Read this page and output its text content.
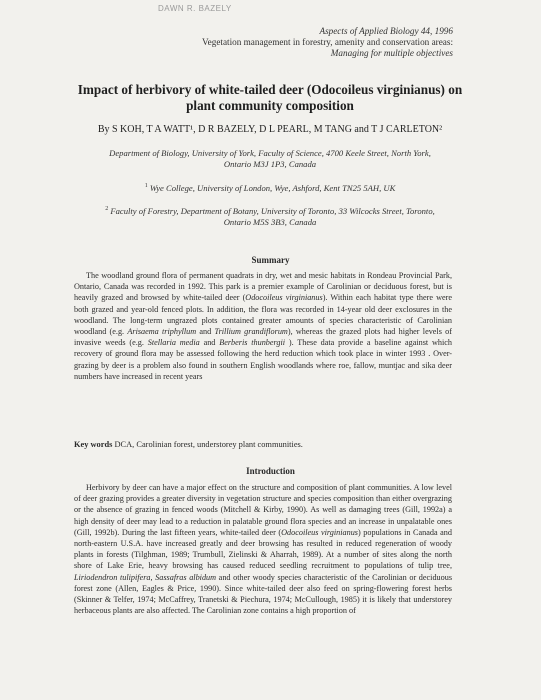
DAWN R. BAZELY
Aspects of Applied Biology 44, 1996
Vegetation management in forestry, amenity and conservation areas:
Managing for multiple objectives
Impact of herbivory of white-tailed deer (Odocoileus virginianus) on
plant community composition
By S KOH, T A WATT¹, D R BAZELY, D L PEARL, M TANG and T J CARLETON²
Department of Biology, University of York, Faculty of Science, 4700 Keele Street, North York,
Ontario M3J 1P3, Canada
$^1$ Wye College, University of London, Wye, Ashford, Kent TN25 5AH, UK
$^2$ Faculty of Forestry, Department of Botany, University of Toronto, 33 Wilcocks Street, Toronto,
Ontario M5S 3B3, Canada
Summary
The woodland ground flora of permanent quadrats in dry, wet and mesic habitats in Rondeau Provincial Park, Ontario, Canada was recorded in 1992. This park is a premier example of Carolinian or deciduous forest, but is heavily grazed and browsed by white-tailed deer (Odocoileus virginianus). Within each habitat type there were both grazed and year-old fenced plots. In addition, the flora was recorded in 14-year old deer exclosures in the woodland. The long-term ungrazed plots contained greater amounts of species characteristic of Carolinian woodland (e.g. Arisaema triphyllum and Trillium grandiflorum), whereas the grazed plots had higher levels of invasive weeds (e.g. Stellaria media and Berberis thunbergii ). These data provide a baseline against which recovery of ground flora may be assessed following the herd reduction which took place in winter 1993 . Over-grazing by deer is a problem also found in southern English woodlands where roe, fallow, muntjac and sika deer numbers have increased in recent years
Key words DCA, Carolinian forest, understorey plant communities.
Introduction
Herbivory by deer can have a major effect on the structure and composition of plant communities. A low level of deer grazing provides a greater diversity in vegetation structure and species composition than either overgrazing or the absence of grazing in fenced woods (Mitchell & Kirby, 1990). As well as damaging trees (Gill, 1992a) a high density of deer may lead to a reduction in palatable ground flora species and an increase in unpalatable ones (Gill, 1992b). During the last fifteen years, white-tailed deer (Odocoileus virginianus) populations in Canada and north-eastern U.S.A. have increased greatly and deer browsing has resulted in reduced regeneration of woody plants in forests (Tilghman, 1989; Trumbull, Zielinski & Aharrah, 1989). At a number of sites along the north shore of Lake Erie, heavy browsing has caused reduced seedling recruitment to populations of tulip tree, Liriodendron tulipifera, Sassafras albidum and other woody species characteristic of the Carolinian or deciduous forest zone (Allen, Eagles & Price, 1990). Since white-tailed deer also feed on spring-flowering forest herbs (Skinner & Telfer, 1974; McCaffrey, Tranetski & Piechura, 1974; McCullough, 1985) it is likely that understorey herbaceous plants are also affected. The Carolinian zone contains a high proportion of
